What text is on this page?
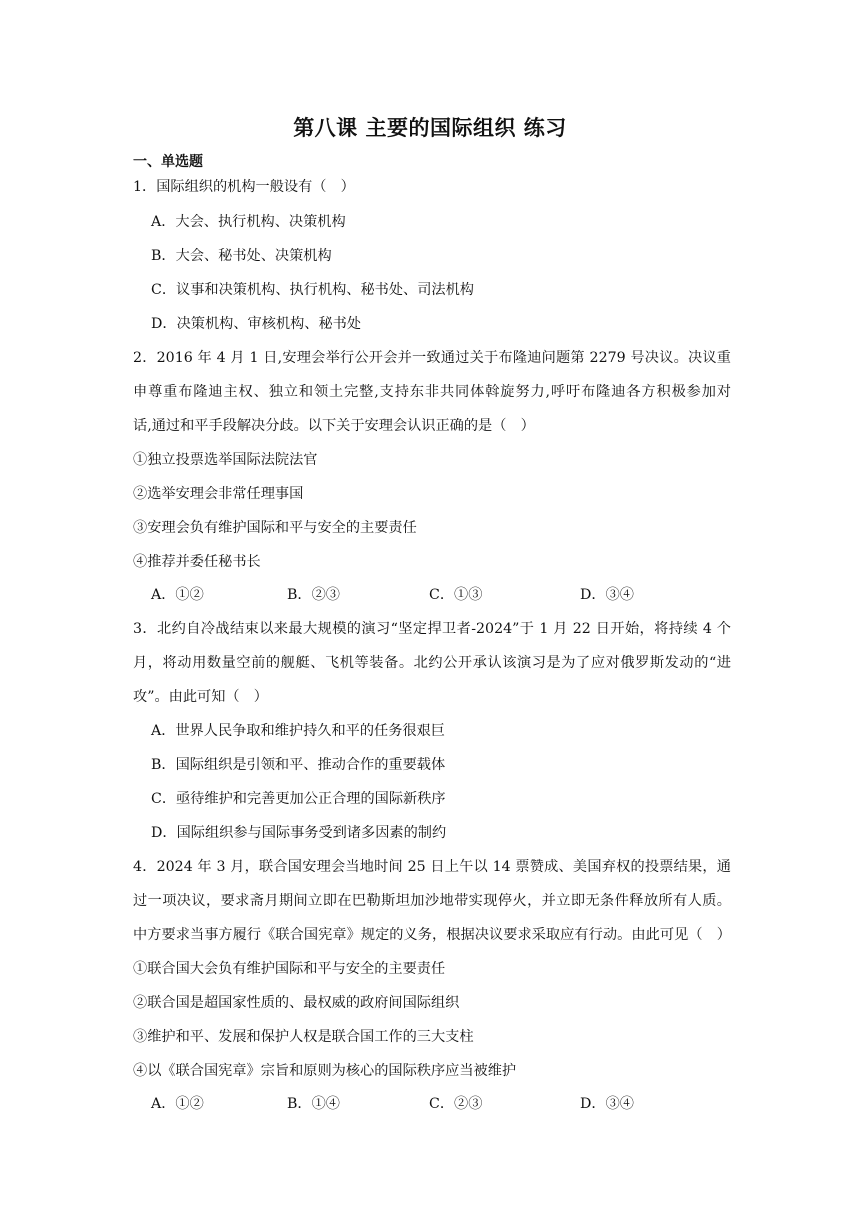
第八课 主要的国际组织 练习
一、单选题
1．国际组织的机构一般设有（　）
A．大会、执行机构、决策机构
B．大会、秘书处、决策机构
C．议事和决策机构、执行机构、秘书处、司法机构
D．决策机构、审核机构、秘书处
2．2016 年 4 月 1 日,安理会举行公开会并一致通过关于布隆迪问题第 2279 号决议。决议重
申尊重布隆迪主权、独立和领土完整,支持东非共同体斡旋努力,呼吁布隆迪各方积极参加对
话,通过和平手段解决分歧。以下关于安理会认识正确的是（　）
①独立投票选举国际法院法官
②选举安理会非常任理事国
③安理会负有维护国际和平与安全的主要责任
④推荐并委任秘书长
A．①②	B．②③	C．①③	D．③④
3．北约自冷战结束以来最大规模的演习“坚定捍卫者-2024”于 1 月 22 日开始，将持续 4 个
月，将动用数量空前的舰艇、飞机等装备。北约公开承认该演习是为了应对俄罗斯发动的“进
攻”。由此可知（　）
A．世界人民争取和维护持久和平的任务很艰巨
B．国际组织是引领和平、推动合作的重要载体
C．亟待维护和完善更加公正合理的国际新秩序
D．国际组织参与国际事务受到诸多因素的制约
4．2024 年 3 月，联合国安理会当地时间 25 日上午以 14 票赞成、美国弃权的投票结果，通
过一项决议，要求斋月期间立即在巴勒斯坦加沙地带实现停火，并立即无条件释放所有人质。
中方要求当事方履行《联合国宪章》规定的义务，根据决议要求采取应有行动。由此可见（　）
①联合国大会负有维护国际和平与安全的主要责任
②联合国是超国家性质的、最权威的政府间国际组织
③维护和平、发展和保护人权是联合国工作的三大支柱
④以《联合国宪章》宗旨和原则为核心的国际秩序应当被维护
A．①②	B．①④	C．②③	D．③④
